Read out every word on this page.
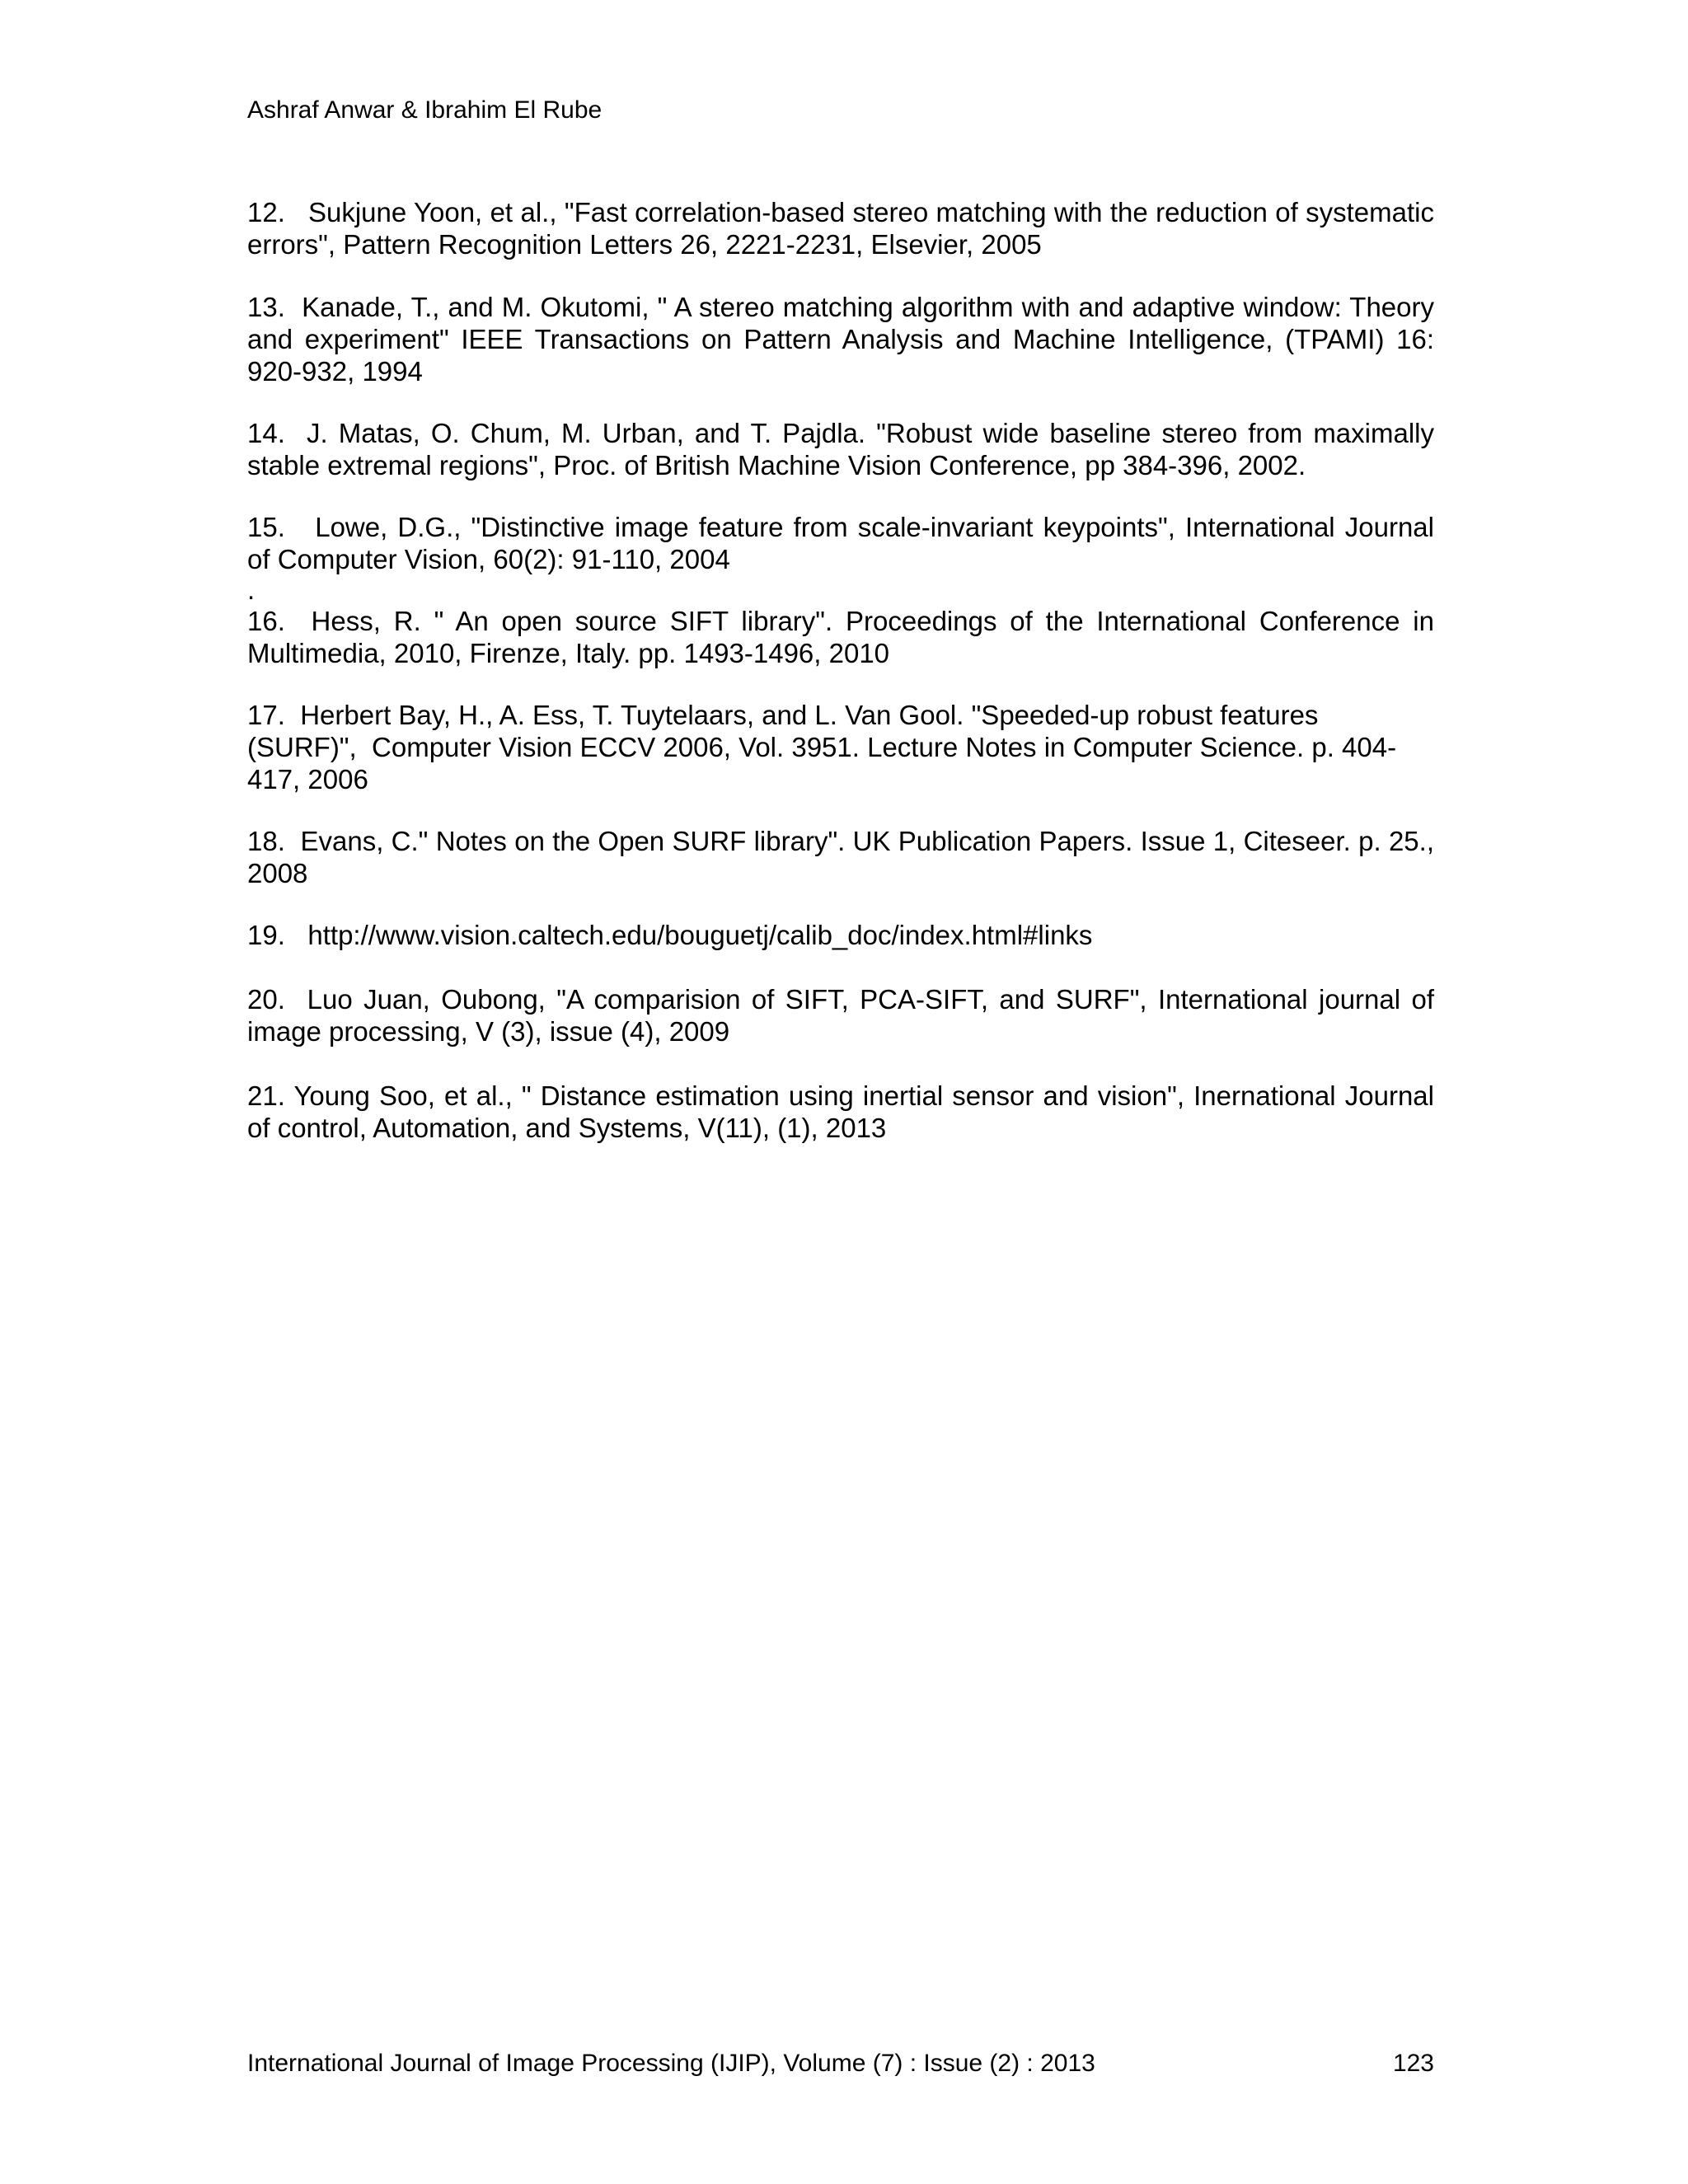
Ashraf Anwar & Ibrahim El Rube

12.   Sukjune Yoon, et al., "Fast correlation-based stereo matching with the reduction of systematic errors", Pattern Recognition Letters 26, 2221-2231, Elsevier, 2005

13.  Kanade, T., and M. Okutomi, " A stereo matching algorithm with and adaptive window: Theory and experiment" IEEE Transactions on Pattern Analysis and Machine Intelligence, (TPAMI) 16: 920-932, 1994

14.  J. Matas, O. Chum, M. Urban, and T. Pajdla. "Robust wide baseline stereo from maximally stable extremal regions", Proc. of British Machine Vision Conference, pp 384-396, 2002.

15.   Lowe, D.G., "Distinctive image feature from scale-invariant keypoints", International Journal of Computer Vision, 60(2): 91-110, 2004

.

16.  Hess, R. " An open source SIFT library". Proceedings of the International Conference in Multimedia, 2010, Firenze, Italy. pp. 1493-1496, 2010

17.  Herbert Bay, H., A. Ess, T. Tuytelaars, and L. Van Gool. "Speeded-up robust features (SURF)",  Computer Vision ECCV 2006, Vol. 3951. Lecture Notes in Computer Science. p. 404-417, 2006

18.  Evans, C." Notes on the Open SURF library". UK Publication Papers. Issue 1, Citeseer. p. 25., 2008

19.   http://www.vision.caltech.edu/bouguetj/calib_doc/index.html#links

20.  Luo Juan, Oubong, "A comparision of SIFT, PCA-SIFT, and SURF", International journal of image processing, V (3), issue (4), 2009

21. Young Soo, et al., " Distance estimation using inertial sensor and vision", Inernational Journal of control, Automation, and Systems, V(11), (1), 2013

International Journal of Image Processing (IJIP), Volume (7) : Issue (2) : 2013	123
